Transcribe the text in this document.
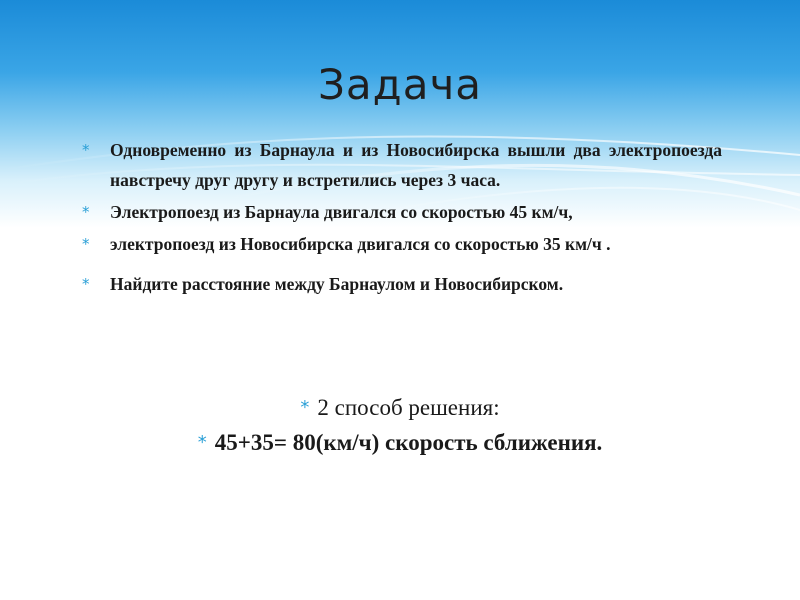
Задача
* Одновременно из Барнаула и из Новосибирска вышли два электропоезда навстречу друг другу и встретились через 3 часа.
* Электропоезд из Барнаула двигался со скоростью 45 км/ч,
* электропоезд из Новосибирска двигался со скоростью 35 км/ч .
* Найдите расстояние между Барнаулом и Новосибирском.
* 2 способ решения:
* 45+35= 80(км/ч) скорость сближения.
